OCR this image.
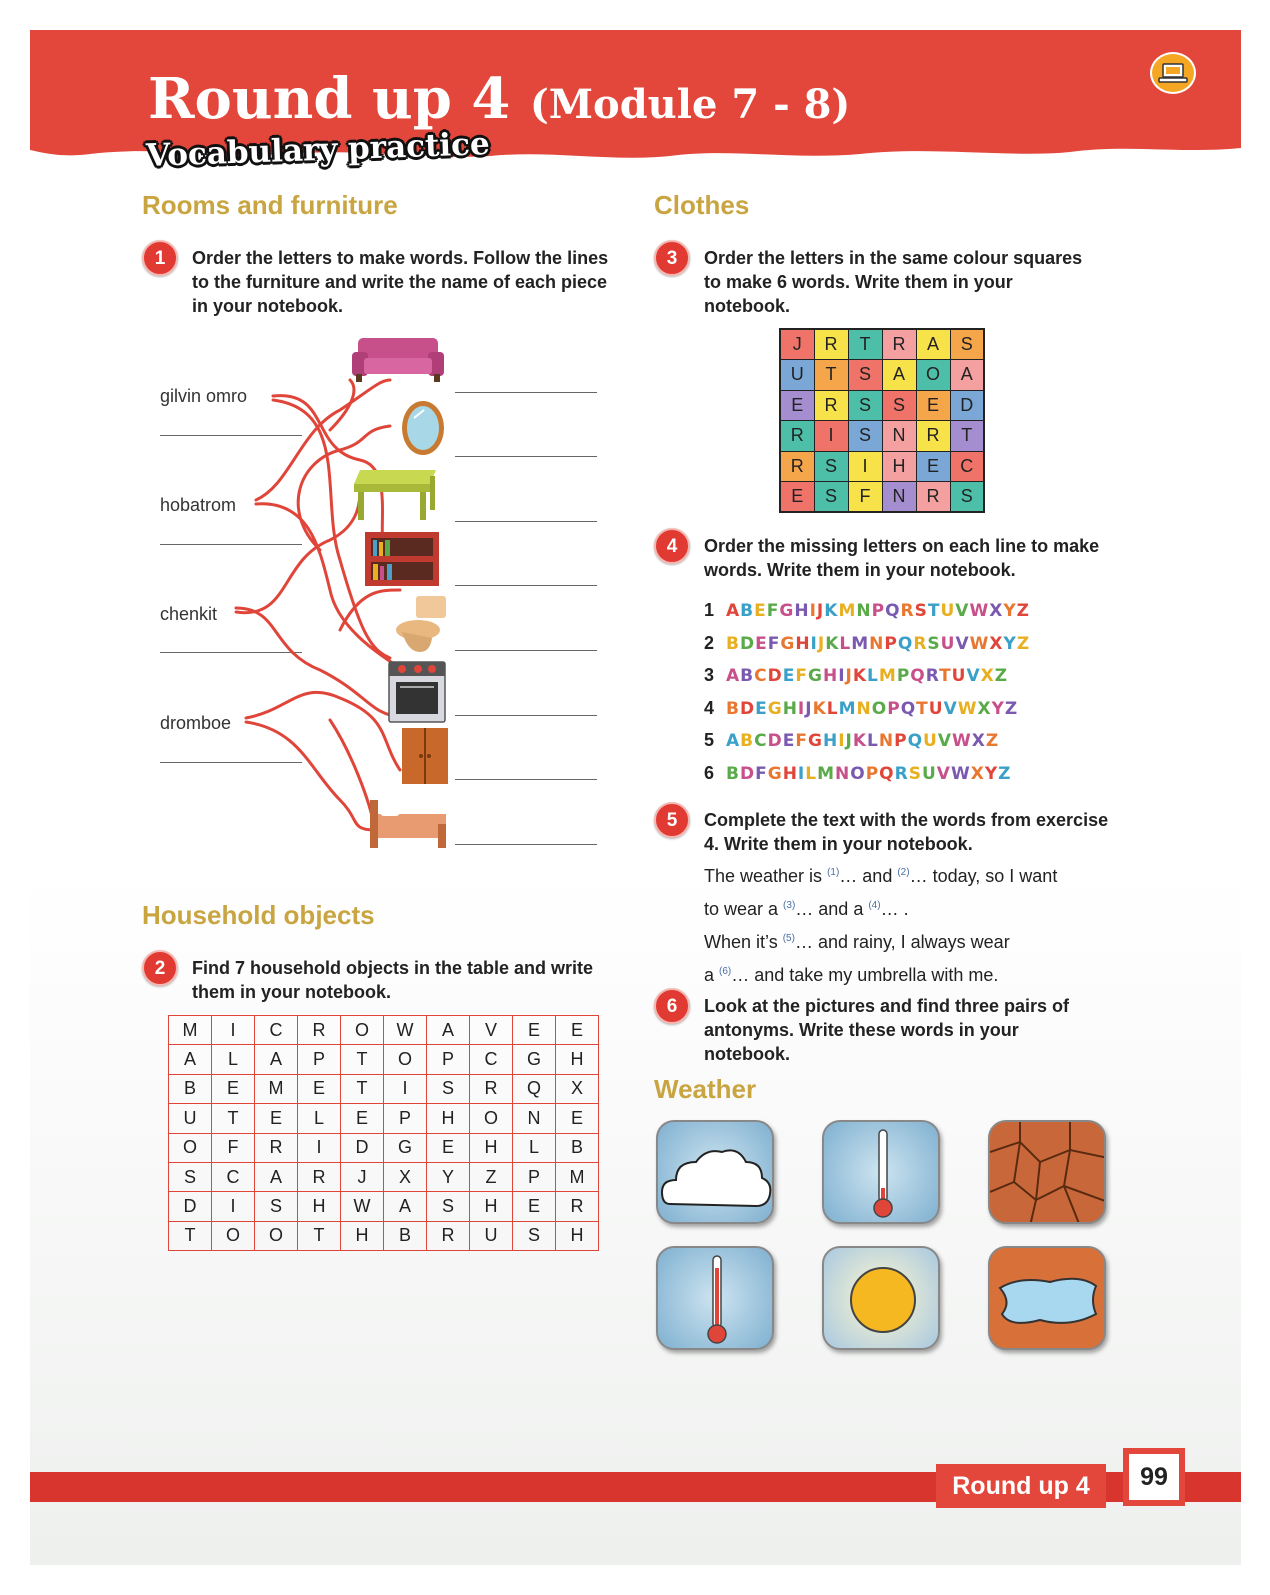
Round up 4 (Module 7 - 8)
Vocabulary practice
Rooms and furniture
Household objects
Clothes
Weather
1	Order the letters to make words. Follow the lines to the furniture and write the name of each piece in your notebook.
gilvin omro
hobatrom
chenkit
dromboe
2	Find 7 household objects in the table and write them in your notebook.
3	Order the letters in the same colour squares to make 6 words. Write them in your notebook.
4	Order the missing letters on each line to make words. Write them in your notebook.
5	Complete the text with the words from exercise 4. Write them in your notebook.
6	Look at the pictures and find three pairs of antonyms. Write these words in your notebook.
Round up 4	99
M	I	C	R	O	W	A	V	E	E
A	L	A	P	T	O	P	C	G	H
B	E	M	E	T	I	S	R	Q	X
U	T	E	L	E	P	H	O	N	E
O	F	R	I	D	G	E	H	L	B
S	C	A	R	J	X	Y	Z	P	M
D	I	S	H	W	A	S	H	E	R
T	O	O	T	H	B	R	U	S	H
J	R	T	R	A	S
U	T	S	A	O	A
E	R	S	S	E	D
R	I	S	N	R	T
R	S	I	H	E	C
E	S	F	N	R	S
1 ABEFGHIJKMNPQRSTUVWXYZ
2 BDEFGHIJKLMNPQRSUVWXYZ
3 ABCDEFGHIJKLMPQRTUVXZ
4 BDEGHIJKLMNOPQTUVWXYZ
5 ABCDEFGHIJKLNPQUVWXZ
6 BDFGHILMNOPQRSUVWXYZ
The weather is $^{(1)}$… and $^{(2)}$… today, so I want
to wear a $^{(3)}$… and a $^{(4)}$… .
When it’s $^{(5)}$… and rainy, I always wear
a $^{(6)}$… and take my umbrella with me.
